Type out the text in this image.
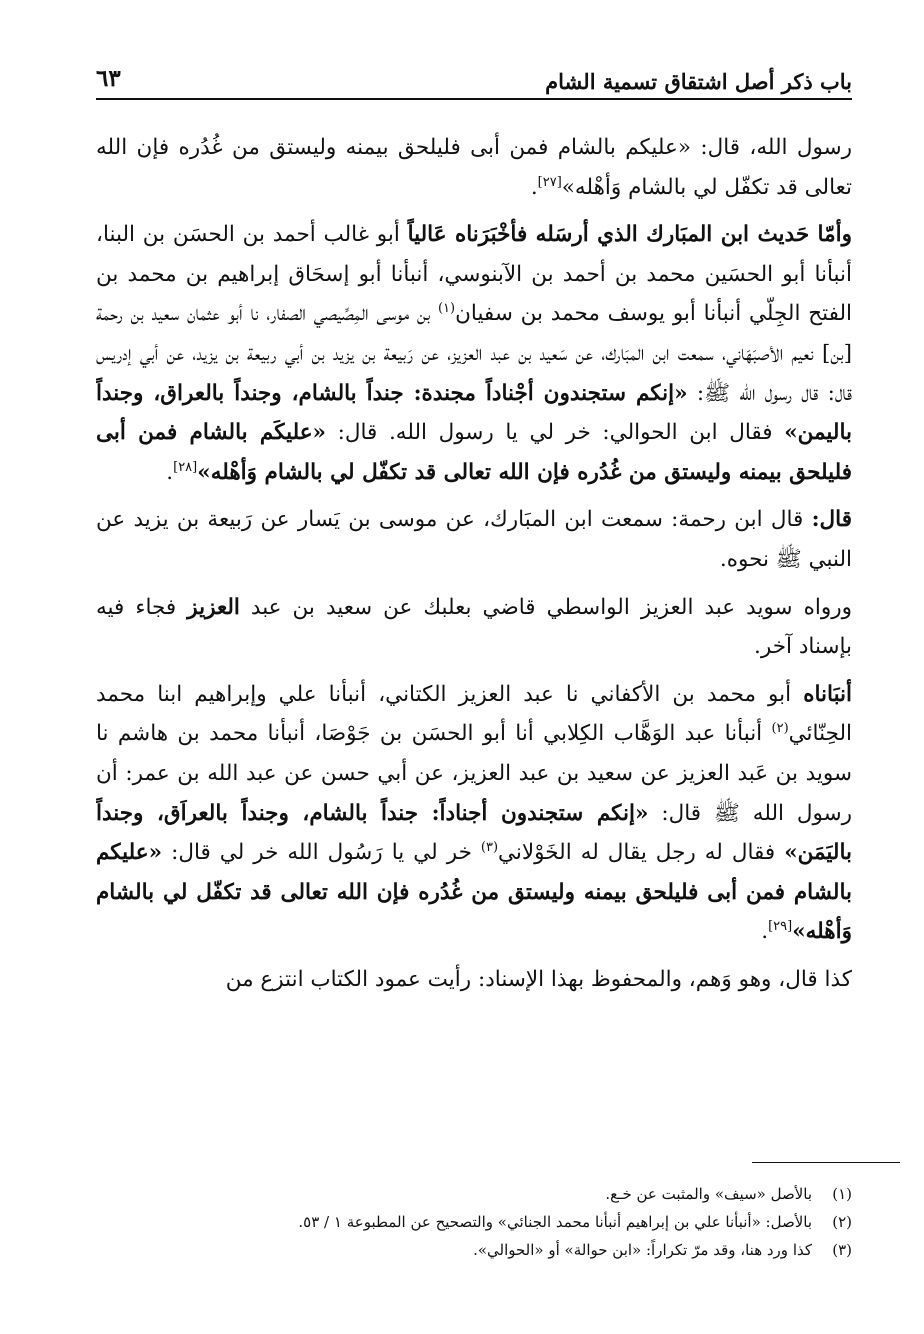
باب ذكر أصل اشتقاق تسمية الشام
٦٣

رسول الله، قال: «عليكم بالشام فمن أبى فليلحق بيمنه وليستق من غُدُره فإن الله تعالى قد تكفّل لي بالشام وَأهْله»[٢٧].

وأمّا حَديث ابن المبَارك الذي أرسَله فأخْبَرَناه عَالياً أبو غالب أحمد بن الحسَن بن البنا، أنبأنا أبو الحسَين محمد بن أحمد بن الآبنوسي، أنبأنا أبو إسحَاق إبراهيم بن محمد بن الفتح الجِلّي أنبأنا أبو يوسف محمد بن سفيان$^{(١)}$ بن موسى المِصِّيصي الصفار، نا أبو عثمان سعيد بن رحمة [بن] نعيم الأصبَهَاني، سمعت ابن المبَارك، عن سَعيد بن عبد العزيز، عن رَبيعة بن يزيد بن أبي ربيعة بن يزيد، عن أبي إدريس قال: قال رسول الله ﷺ: «إنكم ستجندون أجْناداً مجندة: جنداً بالشام، وجنداً بالعراق، وجنداً باليمن» فقال ابن الحوالي: خر لي يا رسول الله. قال: «عليكَم بالشام فمن أبى فليلحق بيمنه وليستق من غُدُره فإن الله تعالى قد تكفّل لي بالشام وَأهْله»[٢٨].

قال: قال ابن رحمة: سمعت ابن المبَارك، عن موسى بن يَسار عن رَبيعة بن يزيد عن النبي ﷺ نحوه.

ورواه سويد عبد العزيز الواسطي قاضي بعلبك عن سعيد بن عبد العزيز فجاء فيه بإسناد آخر.

أنبَاناه أبو محمد بن الأكفاني نا عبد العزيز الكتاني، أنبأنا علي وإبراهيم ابنا محمد الحِنّائي$^{(٢)}$ أنبأنا عبد الوَهَّاب الكِلابي أنا أبو الحسَن بن جَوْصَا، أنبأنا محمد بن هاشم نا سويد بن عَبد العزيز عن سعيد بن عبد العزيز، عن أبي حسن عن عبد الله بن عمر: أن رسول الله ﷺ قال: «إنكم ستجندون أجناداً: جنداً بالشام، وجنداً بالعراَق، وجنداً باليَمَن» فقال له رجل يقال له الخَوْلاني$^{(٣)}$ خر لي يا رَسُول الله خر لي قال: «عليكم بالشام فمن أبى فليلحق بيمنه وليستق من غُدُره فإن الله تعالى قد تكفّل لي بالشام وَأهْله»[٢٩].

كذا قال، وهو وَهم، والمحفوظ بهذا الإسناد: رأيت عمود الكتاب انتزع من

(١)
بالأصل «سيف» والمثبت عن خـع.
(٢)
بالأصل: «أنبأنا علي بن إبراهيم أنبأنا محمد الجنائي» والتصحيح عن المطبوعة ١ / ٥٣.
(٣)
كذا ورد هنا، وقد مرّ تكراراً: «ابن حوالة» أو «الحوالي».
